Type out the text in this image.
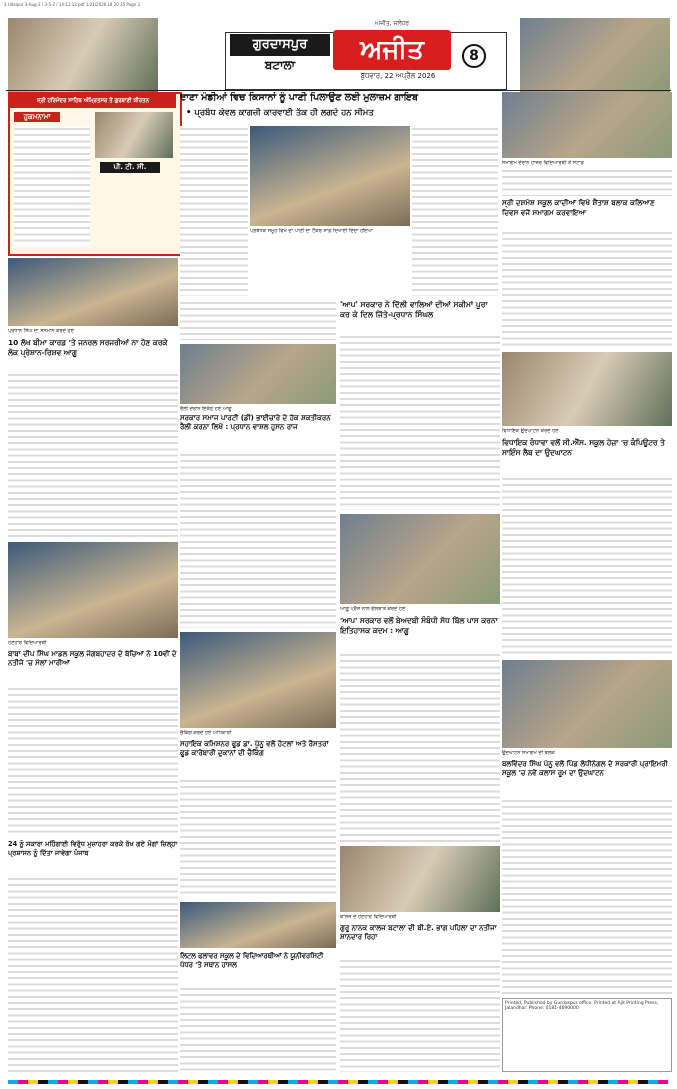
3 Udaipur 3-Aug-2 / 3-5-2 / 14:11:12 pdf 1/21/2026 L8 20 35 Page 3
ਗੁਰਦਾਸਪੁਰ
ਬਟਾਲਾ
ਅਜੀਤ, ਜਲੰਧਰ
ਅਜੀਤ
ਬੁੱਧਵਾਰ, 22 ਅਪ੍ਰੈਲ 2026
8
ਸ੍ਰੀ ਹਰਿਮੰਦਰ ਸਾਹਿਬ ਅੰਮ੍ਰਿਤਸਰ ਤੋਂ ਗੁਰਬਾਣੀ ਕੀਰਤਨ
ਹੁਕਮਨਾਮਾ
ਪੀ. ਟੀ. ਸੀ.
ਦਾਣਾ ਮੰਡੀਆਂ ਵਿਚ ਕਿਸਾਨਾਂ ਨੂੰ ਪਾਣੀ ਪਿਲਾਉਣ ਲਈ ਮੁਲਾਜ਼ਮ ਗਾਇਬ
• ਪ੍ਰਬੰਧ ਕੇਵਲ ਕਾਗਜ਼ੀ ਕਾਰਵਾਈ ਤੱਕ ਹੀ ਲਗਦੇ ਹਨ ਸੀਮਤ
ਪ੍ਰਬੰਧਕ ਸਮੂਹ ਵਿਖੇ ਦਾ ਪਾਣੀ ਦਾ ਟੈਂਕਰ ਸਾਫ਼ ਦਿਖਾਈ ਦਿੰਦਾ ਹੋਇਆ
ਸਮਾਗਮ ਦੌਰਾਨ ਹਾਜ਼ਰ ਵਿਦਿਆਰਥੀ ਤੇ ਸਟਾਫ਼
ਸ੍ਰੀ ਦਸ਼ਮੇਸ਼ ਸਕੂਲ ਕਾਦੀਆਂ ਵਿਖੇ ਸ਼ੈਂਤਾਸ਼ ਬਲਾਕ ਕਲਿਆਣ ਦਿਵਸ ਵਜੋਂ ਸਮਾਗਮ ਕਰਵਾਇਆ
ਪ੍ਰਧਾਨ ਸਿੰਘ ਦਾ ਸਨਮਾਨ ਕਰਦੇ ਹੋਏ
10 ਲੱਖ ਬੀਮਾ ਕਾਰਡ 'ਤੇ ਜਨਰਲ ਸਰਜਰੀਆਂ ਨਾ ਹੋਣ ਕਰਕੇ ਲੋਕ ਪ੍ਰੇਸ਼ਾਨ-ਰਿਸ਼ਵ ਆਗੂ
'ਆਪ' ਸਰਕਾਰ ਨੇ ਦਿੱਲੀ ਵਾਲਿਆਂ ਦੀਆਂ ਸਕੀਮਾਂ ਪੂਰਾ ਕਰ ਕੇ ਦਿਲ ਜਿੱਤੇ-ਪ੍ਰਧਾਨ ਸਿੰਘਲ
ਰੈਲੀ ਦੌਰਾਨ ਇਕੱਠੇ ਹੋਏ ਆਗੂ
ਸਰਕਾਰ ਸਮਾਜ ਪਾਰਟੀ (ਡੀ) ਭਾਈਚਾਰੇ ਦੇ ਹੱਕ ਸ਼ਕਤੀਕਰਨ ਰੈਲੀ ਕਰਨਾ ਲਿਖੋ : ਪ੍ਰਧਾਨ ਵਾਸ਼ਲ ਹੁਸਨ ਰਾਜ	ਵਿਧਾਇਕ ਉਦਘਾਟਨ ਕਰਦੇ ਹੋਏ
ਵਿਧਾਇਕ ਰੰਧਾਵਾ ਵਲੋਂ ਸੀ.ਐੱਸ. ਸਕੂਲ ਹੇਜ਼ਾ 'ਚ ਕੰਪਿਊਟਰ ਤੇ ਸਾਇੰਸ ਲੈਬ ਦਾ ਉਦਘਾਟਨ
ਹੋਣਹਾਰ ਵਿਦਿਆਰਥੀ
ਬਾਬਾ ਦੀਪ ਸਿੰਘ ਮਾਡਲ ਸਕੂਲ ਜੰਗਬਹਾਦਰ ਦੇ ਬੱਚਿਆਂ ਨੇ 10ਵੀਂ ਦੇ ਨਤੀਜੇ 'ਚ ਮੱਲਾਂ ਮਾਰੀਆਂ
ਆਗੂ ਪ੍ਰੈੱਸ ਨਾਲ ਗੱਲਬਾਤ ਕਰਦੇ ਹੋਏ
'ਆਪ' ਸਰਕਾਰ ਵਲੋਂ ਬੇਅਦਬੀ ਸੰਬੰਧੀ ਸੋਧ ਬਿੱਲ ਪਾਸ ਕਰਨਾ ਇਤਿਹਾਸਕ ਕਦਮ : ਆਗੂ
ਚੈਕਿੰਗ ਕਰਦੇ ਹੋਏ ਅਧਿਕਾਰੀ
ਸਹਾਇਕ ਕਮਿਸ਼ਨਰ ਫੂਡ ਡਾ. ਪੁੱਨੂ ਵਲੋਂ ਹੋਟਲਾਂ ਅਤੇ ਰੈਸਤਰਾਂ ਫੂਡ ਕਾਰੋਬਾਰੀ ਦੁਕਾਨਾਂ ਦੀ ਚੈਕਿੰਗ	ਉਦਘਾਟਨ ਸਮਾਗਮ ਦੀ ਝਲਕ
ਬਲਵਿੰਦਰ ਸਿੰਘ ਪੰਨੂ ਵਲੋਂ ਪਿੰਡ ਲੋਧੀਨੰਗਲ ਦੇ ਸਰਕਾਰੀ ਪ੍ਰਾਇਮਰੀ ਸਕੂਲ 'ਚ ਨਵੇਂ ਕਲਾਸ ਰੂਮ ਦਾ ਉਦਘਾਟਨ
24 ਨੂੰ ਸਕਾਰਾ ਮਹਿੰਗਾਈ ਵਿਰੁੱਧ ਮੁਜ਼ਾਹਰਾ ਕਰਕੇ ਰੱਖ ਗਏ ਮੰਗਾਂ ਜ਼ਿਲ੍ਹਾ ਪ੍ਰਸ਼ਾਸਨ ਨੂੰ ਦਿੱਤਾ ਜਾਵੇਗਾ ਪੰਜਾਬ
ਕਾਲਜ ਦੇ ਹੋਣਹਾਰ ਵਿਦਿਆਰਥੀ
ਗੁਰੂ ਨਾਨਕ ਕਾਲਜ ਬਟਾਲਾ ਦੀ ਬੀ.ਏ. ਭਾਗ ਪਹਿਲਾ ਦਾ ਨਤੀਜਾ ਸ਼ਾਨਦਾਰ ਰਿਹਾ
ਲਿਟਲ ਫਲਾਵਰ ਸਕੂਲ ਦੇ ਵਿਦਿਆਰਥੀਆਂ ਨੇ ਯੂਨੀਵਰਸਿਟੀ ਪੱਧਰ 'ਤੇ ਸਥਾਨ ਹਾਸਲ
Printed, Published by Gurdaspur office. Printed at Ajit Printing Press, Jalandhar. Phone: 0181-4690000
